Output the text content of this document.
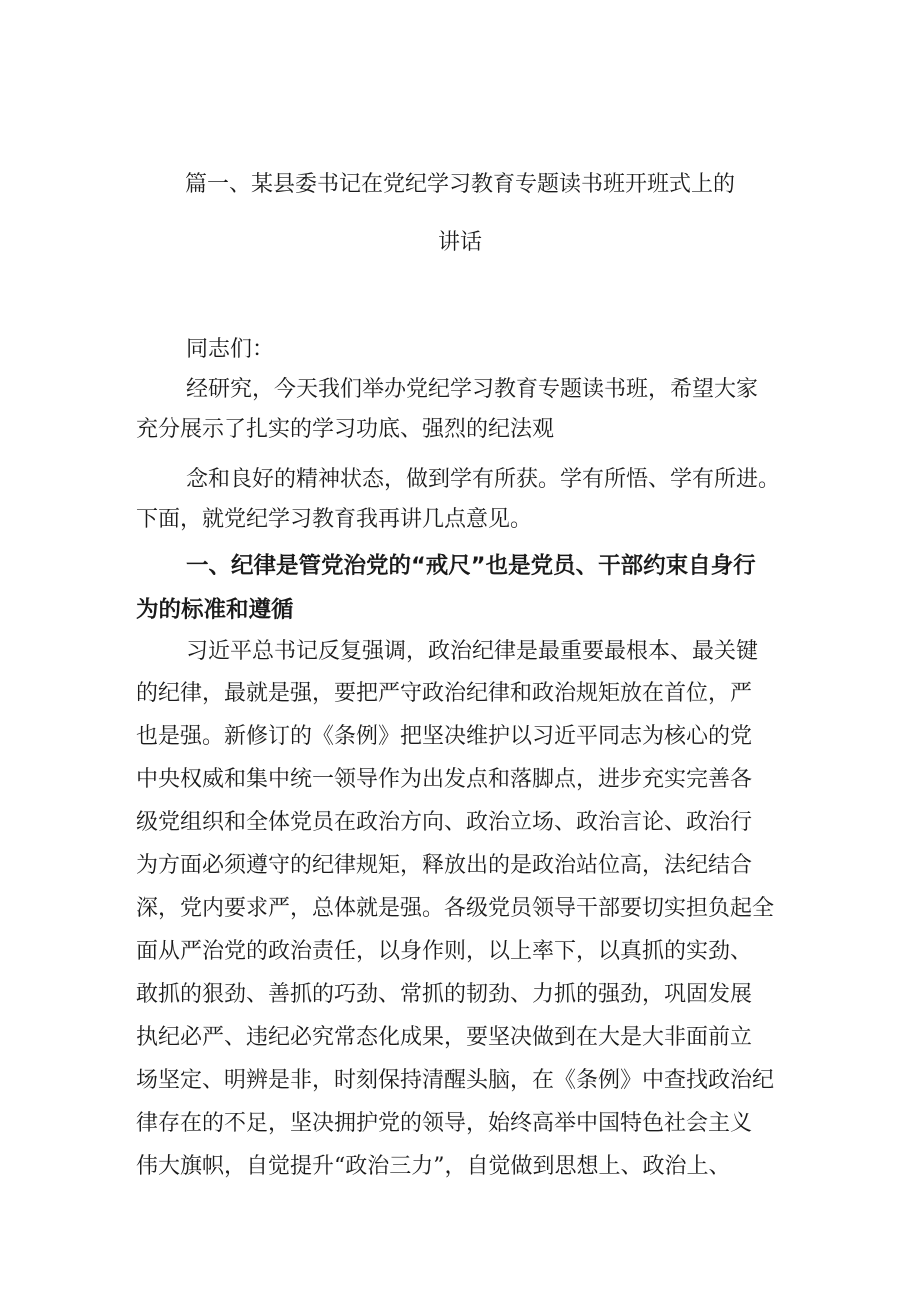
篇一、某县委书记在党纪学习教育专题读书班开班式上的
讲话
同志们：
经研究，今天我们举办党纪学习教育专题读书班，希望大家
充分展示了扎实的学习功底、强烈的纪法观
念和良好的精神状态，做到学有所获。学有所悟、学有所进。
下面，就党纪学习教育我再讲几点意见。
一、纪律是管党治党的“戒尺”也是党员、干部约束自身行
为的标准和遵循
习近平总书记反复强调，政治纪律是最重要最根本、最关键
的纪律，最就是强，要把严守政治纪律和政治规矩放在首位，严
也是强。新修订的《条例》把坚决维护以习近平同志为核心的党
中央权威和集中统一领导作为出发点和落脚点，进步充实完善各
级党组织和全体党员在政治方向、政治立场、政治言论、政治行
为方面必须遵守的纪律规矩，释放出的是政治站位高，法纪结合
深，党内要求严，总体就是强。各级党员领导干部要切实担负起全
面从严治党的政治责任，以身作则，以上率下，以真抓的实劲、
敢抓的狠劲、善抓的巧劲、常抓的韧劲、力抓的强劲，巩固发展
执纪必严、违纪必究常态化成果，要坚决做到在大是大非面前立
场坚定、明辨是非，时刻保持清醒头脑，在《条例》中查找政治纪
律存在的不足，坚决拥护党的领导，始终高举中国特色社会主义
伟大旗帜，自觉提升“政治三力”，自觉做到思想上、政治上、
